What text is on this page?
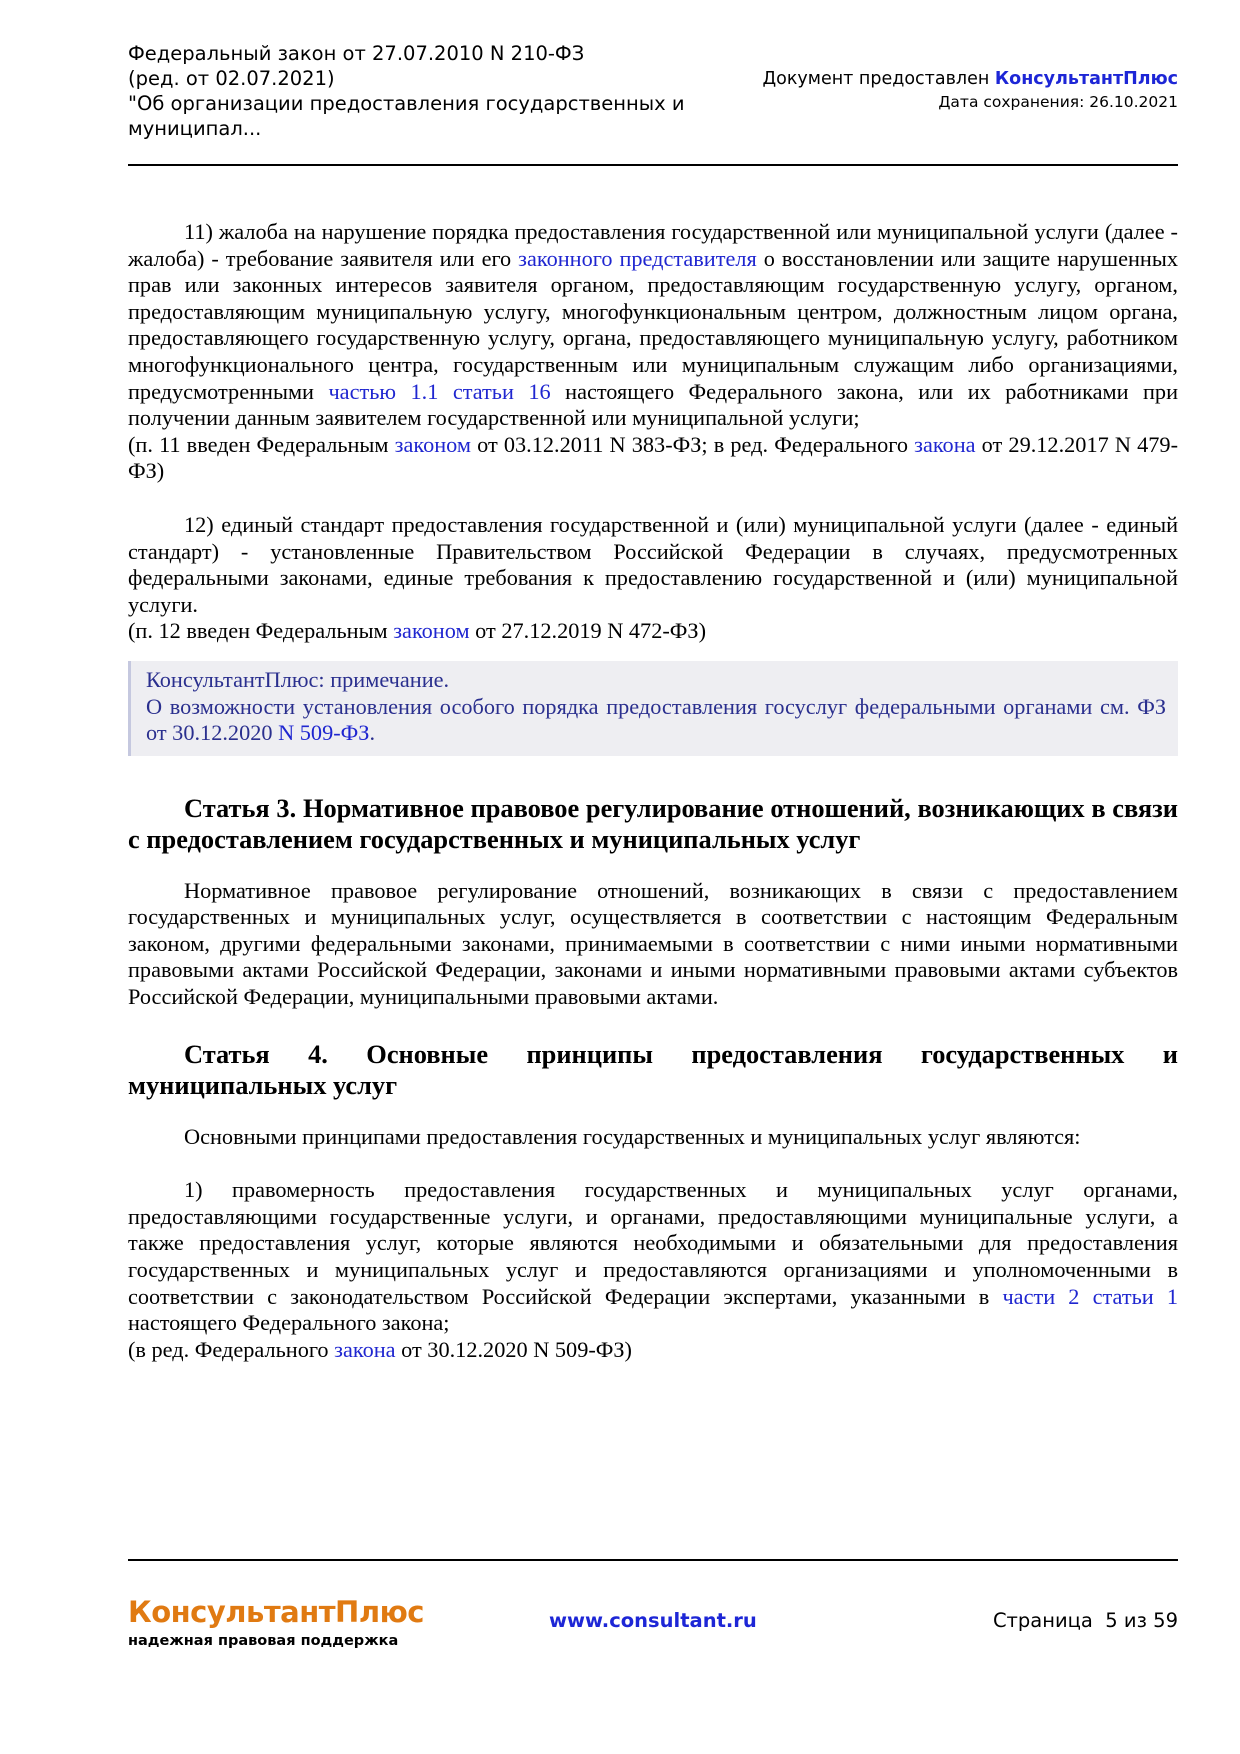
Федеральный закон от 27.07.2010 N 210-ФЗ
(ред. от 02.07.2021)
"Об организации предоставления государственных и
муниципал...
Документ предоставлен КонсультантПлюс
Дата сохранения: 26.10.2021

11) жалоба на нарушение порядка предоставления государственной или муниципальной услуги (далее - жалоба) - требование заявителя или его законного представителя о восстановлении или защите нарушенных прав или законных интересов заявителя органом, предоставляющим государственную услугу, органом, предоставляющим муниципальную услугу, многофункциональным центром, должностным лицом органа, предоставляющего государственную услугу, органа, предоставляющего муниципальную услугу, работником многофункционального центра, государственным или муниципальным служащим либо организациями, предусмотренными частью 1.1 статьи 16 настоящего Федерального закона, или их работниками при получении данным заявителем государственной или муниципальной услуги;

(п. 11 введен Федеральным законом от 03.12.2011 N 383-ФЗ; в ред. Федерального закона от 29.12.2017 N 479-ФЗ)

12) единый стандарт предоставления государственной и (или) муниципальной услуги (далее - единый стандарт) - установленные Правительством Российской Федерации в случаях, предусмотренных федеральными законами, единые требования к предоставлению государственной и (или) муниципальной услуги.

(п. 12 введен Федеральным законом от 27.12.2019 N 472-ФЗ)

КонсультантПлюс: примечание.

О возможности установления особого порядка предоставления госуслуг федеральными органами см. ФЗ от 30.12.2020 N 509-ФЗ.

Статья 3. Нормативное правовое регулирование отношений, возникающих в связи с предоставлением государственных и муниципальных услуг

Нормативное правовое регулирование отношений, возникающих в связи с предоставлением государственных и муниципальных услуг, осуществляется в соответствии с настоящим Федеральным законом, другими федеральными законами, принимаемыми в соответствии с ними иными нормативными правовыми актами Российской Федерации, законами и иными нормативными правовыми актами субъектов Российской Федерации, муниципальными правовыми актами.

Статья 4. Основные принципы предоставления государственных и муниципальных услуг

Основными принципами предоставления государственных и муниципальных услуг являются:

1) правомерность предоставления государственных и муниципальных услуг органами, предоставляющими государственные услуги, и органами, предоставляющими муниципальные услуги, а также предоставления услуг, которые являются необходимыми и обязательными для предоставления государственных и муниципальных услуг и предоставляются организациями и уполномоченными в соответствии с законодательством Российской Федерации экспертами, указанными в части 2 статьи 1 настоящего Федерального закона;

(в ред. Федерального закона от 30.12.2020 N 509-ФЗ)

КонсультантПлюс
надежная правовая поддержка
www.consultant.ru	Страница 5 из 59
